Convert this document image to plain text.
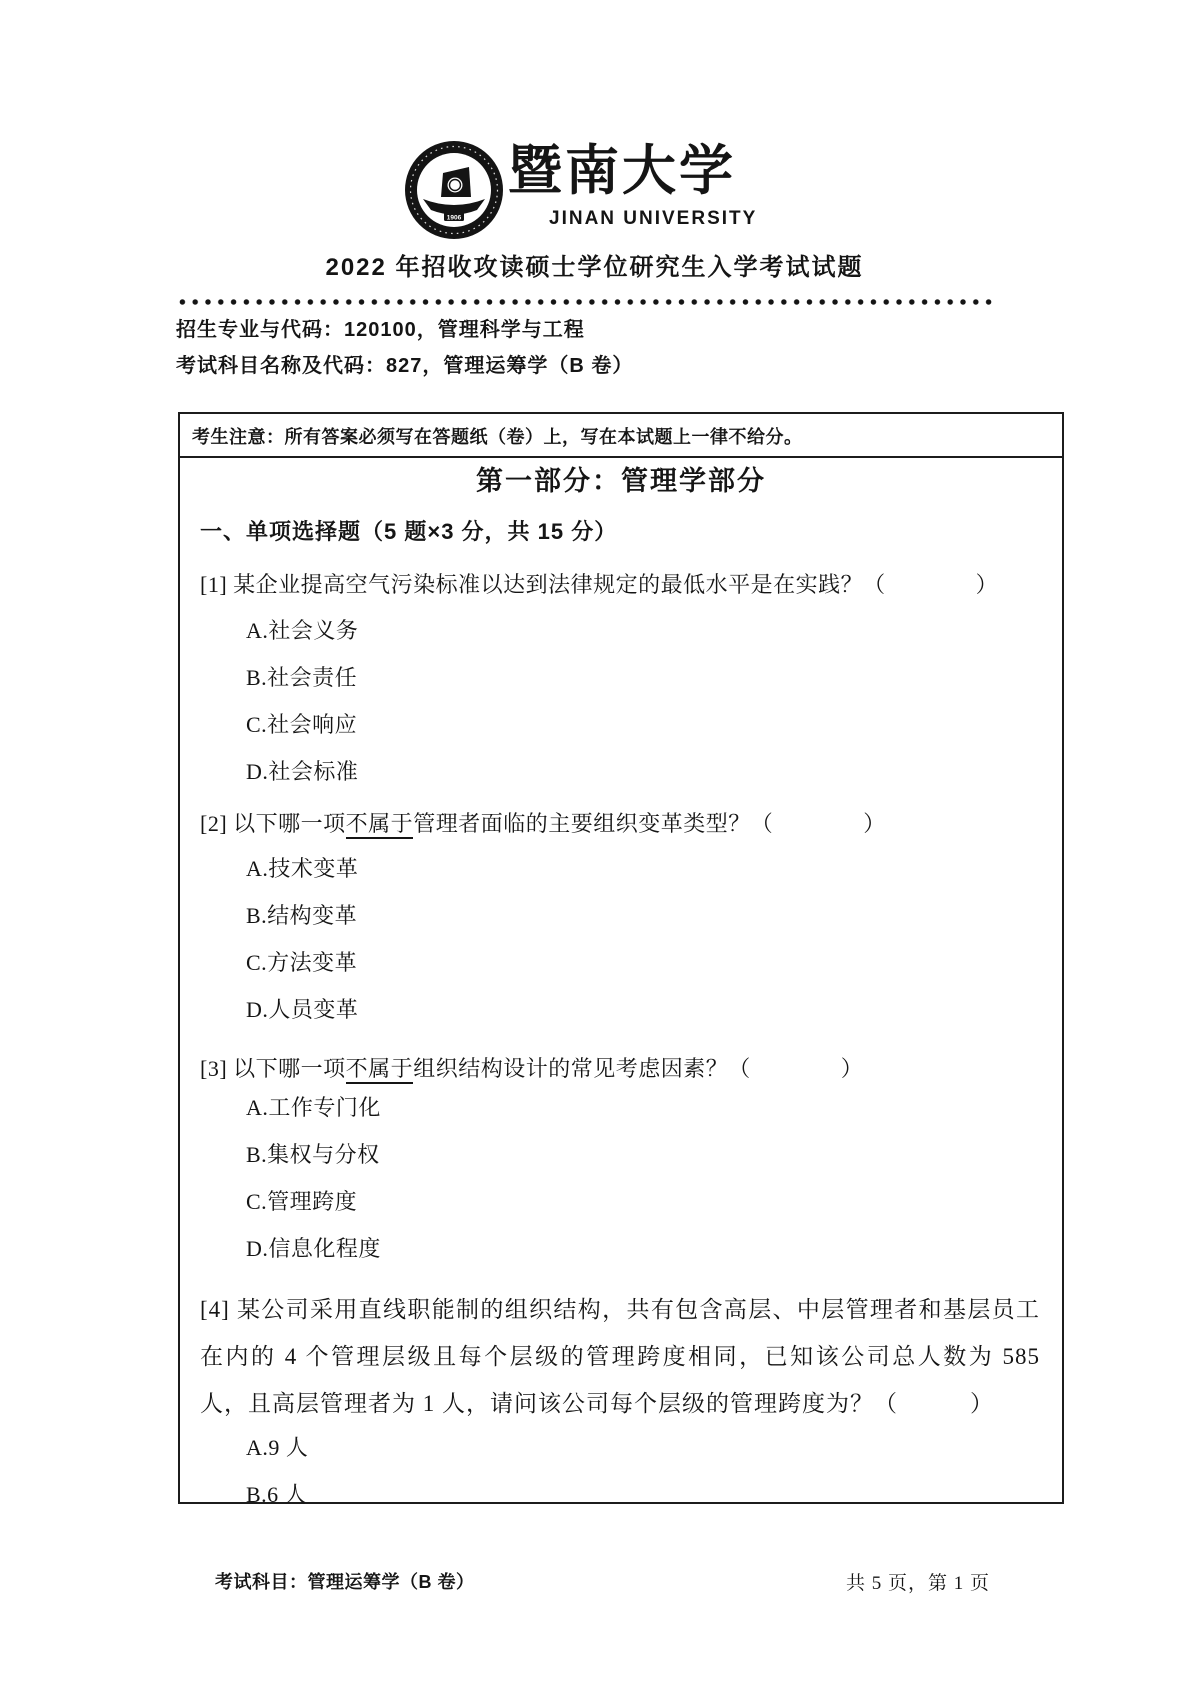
1906
暨南大学
JINAN UNIVERSITY
2022 年招收攻读硕士学位研究生入学考试试题
招生专业与代码：120100，管理科学与工程
考试科目名称及代码：827，管理运筹学（B 卷）
考生注意：所有答案必须写在答题纸（卷）上，写在本试题上一律不给分。
第一部分：管理学部分
一、单项选择题（5 题×3 分，共 15 分）
[1] 某企业提高空气污染标准以达到法律规定的最低水平是在实践？（　　　　）
A.社会义务
B.社会责任
C.社会响应
D.社会标准
[2] 以下哪一项不属于管理者面临的主要组织变革类型？（　　　　）
A.技术变革
B.结构变革
C.方法变革
D.人员变革
[3] 以下哪一项不属于组织结构设计的常见考虑因素？（　　　　）
A.工作专门化
B.集权与分权
C.管理跨度
D.信息化程度
[4] 某公司采用直线职能制的组织结构，共有包含高层、中层管理者和基层员工在内的 4 个管理层级且每个层级的管理跨度相同，已知该公司总人数为 585 人，且高层管理者为 1 人，请问该公司每个层级的管理跨度为？（　　　）
A.9 人
B.6 人
考试科目：管理运筹学（B 卷）	共 5 页，第 1 页
